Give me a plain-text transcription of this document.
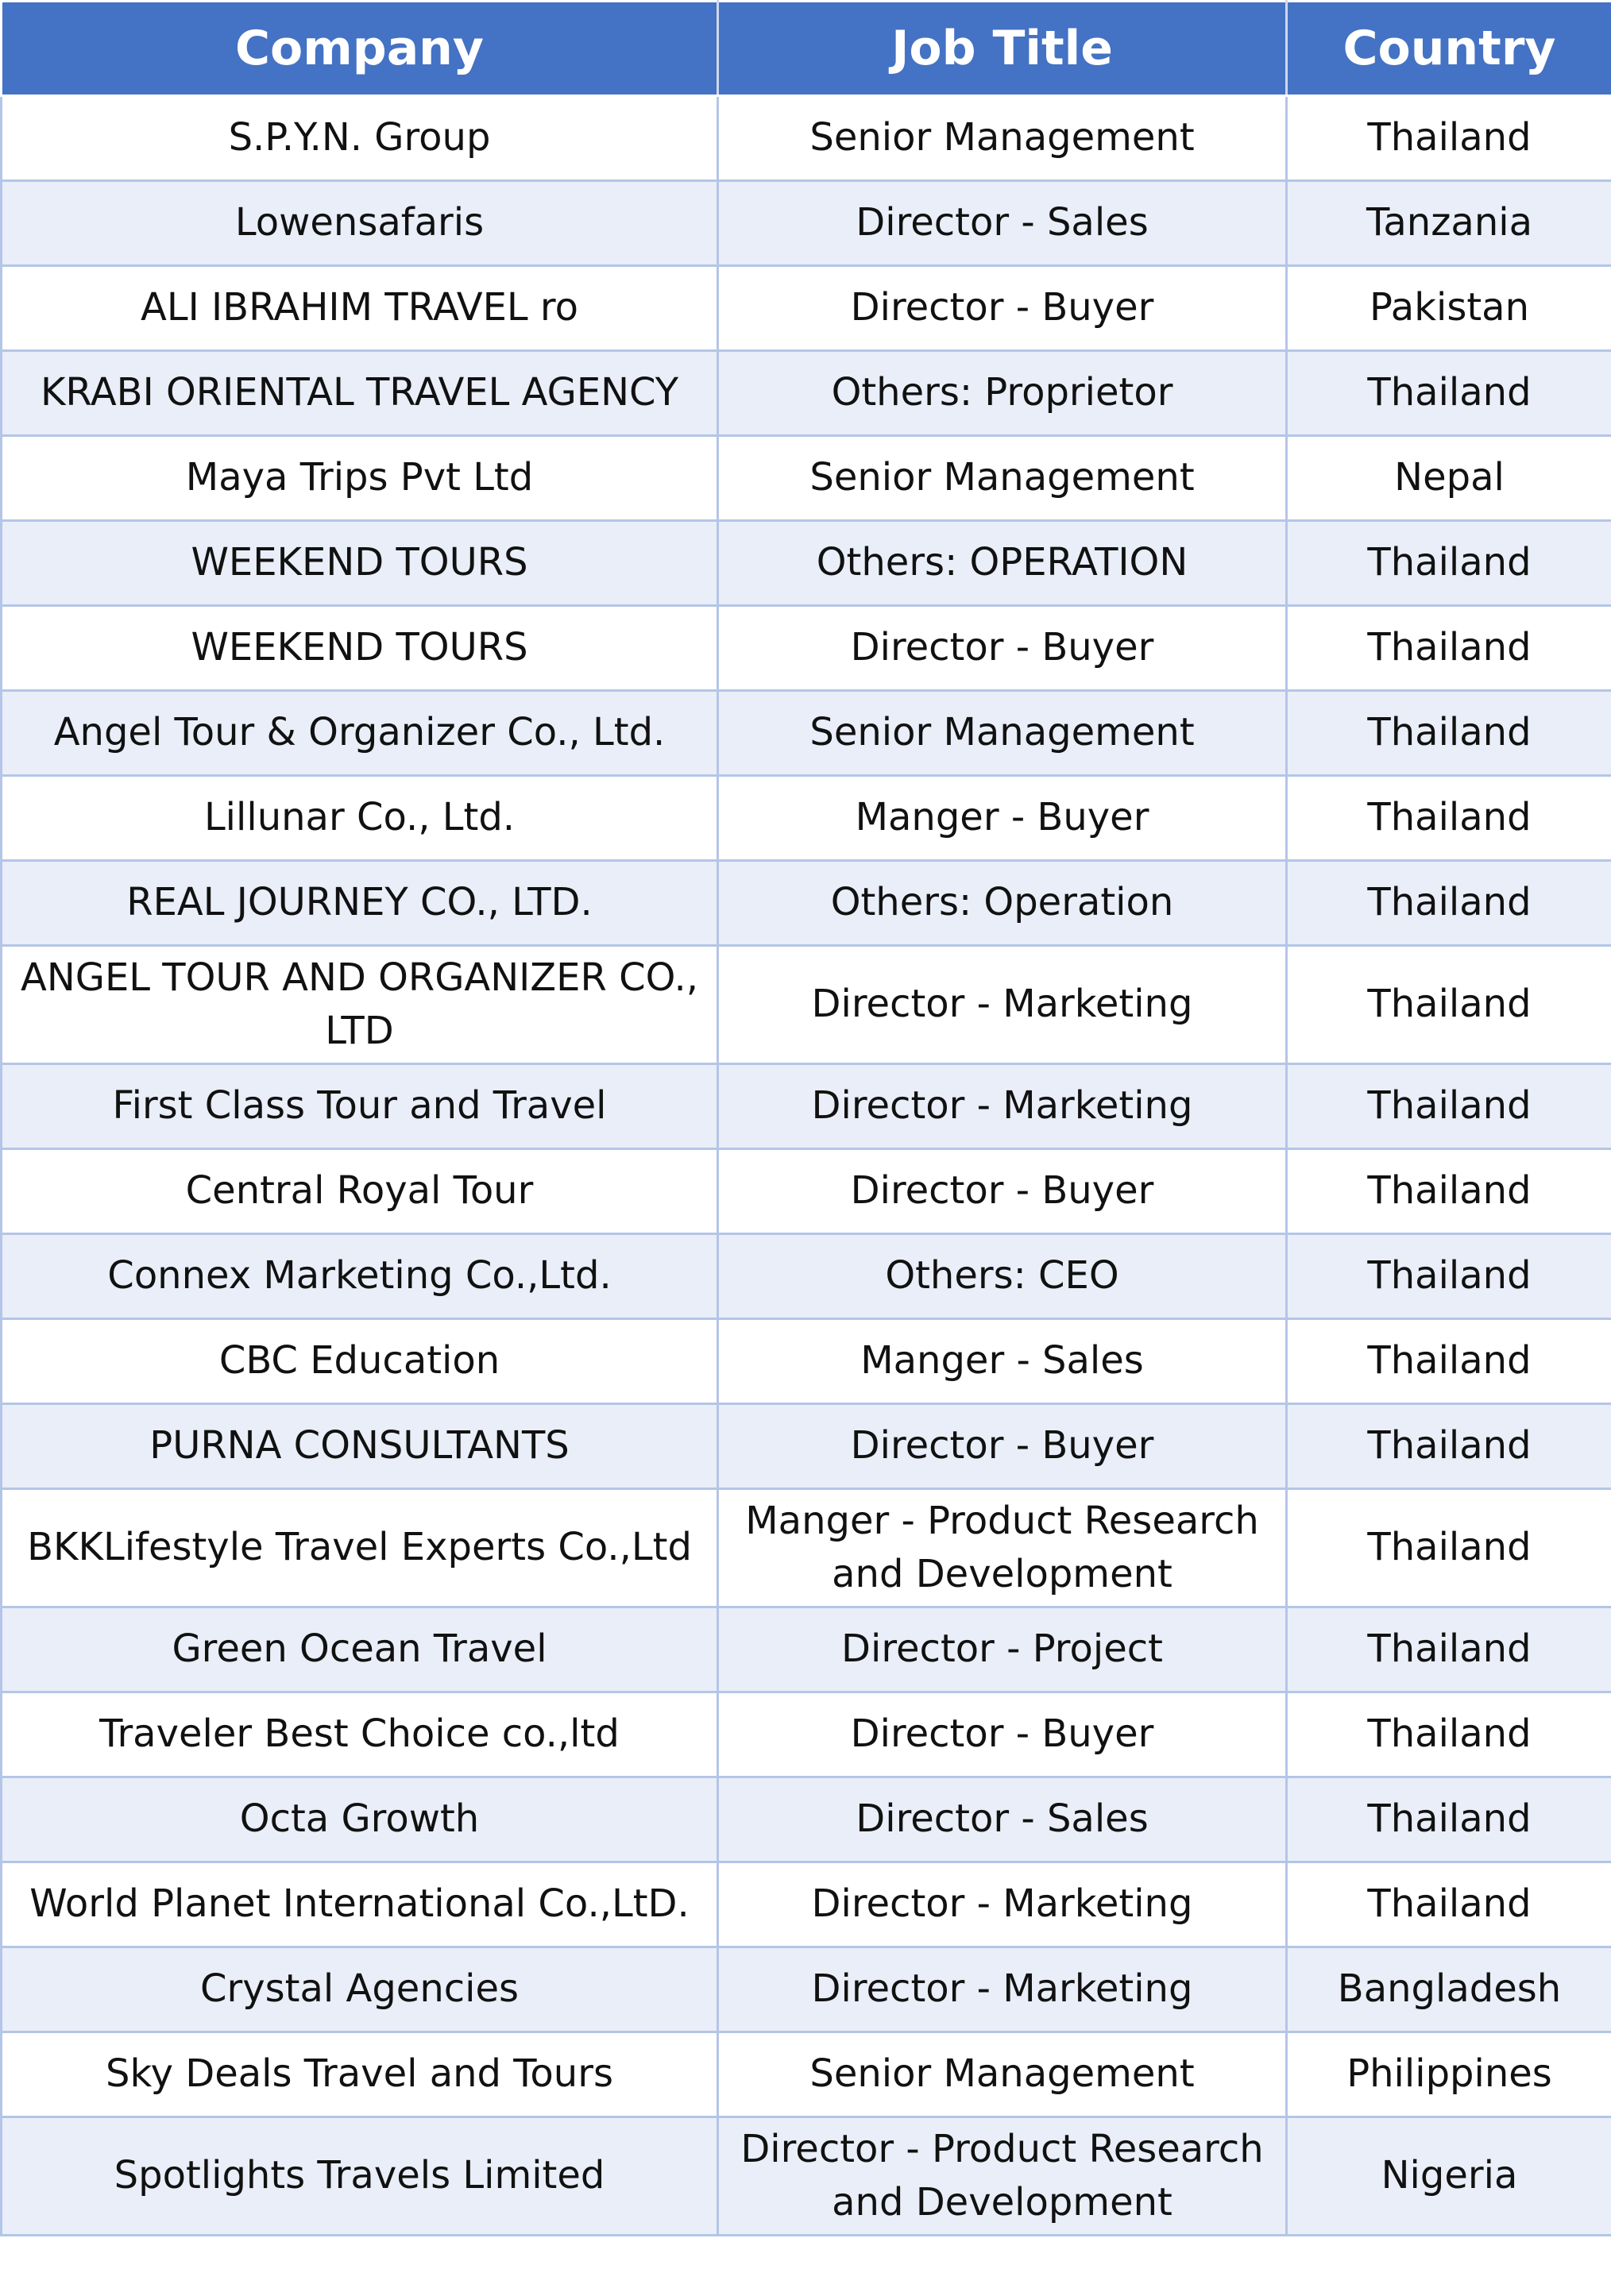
Company	Job Title	Country
S.P.Y.N. Group	Senior Management	Thailand
Lowensafaris	Director - Sales	Tanzania
ALI IBRAHIM TRAVEL ro	Director - Buyer	Pakistan
KRABI ORIENTAL TRAVEL AGENCY	Others: Proprietor	Thailand
Maya Trips Pvt Ltd	Senior Management	Nepal
WEEKEND TOURS	Others: OPERATION	Thailand
WEEKEND TOURS	Director - Buyer	Thailand
Angel Tour & Organizer Co., Ltd.	Senior Management	Thailand
Lillunar Co., Ltd.	Manger - Buyer	Thailand
REAL JOURNEY CO., LTD.	Others: Operation	Thailand
ANGEL TOUR AND ORGANIZER CO., LTD	Director - Marketing	Thailand
First Class Tour and Travel	Director - Marketing	Thailand
Central Royal Tour	Director - Buyer	Thailand
Connex Marketing Co.,Ltd.	Others: CEO	Thailand
CBC Education	Manger - Sales	Thailand
PURNA CONSULTANTS	Director - Buyer	Thailand
BKKLifestyle Travel Experts Co.,Ltd	Manger - Product Research and Development	Thailand
Green Ocean Travel	Director - Project	Thailand
Traveler Best Choice co.,ltd	Director - Buyer	Thailand
Octa Growth	Director - Sales	Thailand
World Planet International Co.,LtD.	Director - Marketing	Thailand
Crystal Agencies	Director - Marketing	Bangladesh
Sky Deals Travel and Tours	Senior Management	Philippines
Spotlights Travels Limited	Director - Product Research and Development	Nigeria
